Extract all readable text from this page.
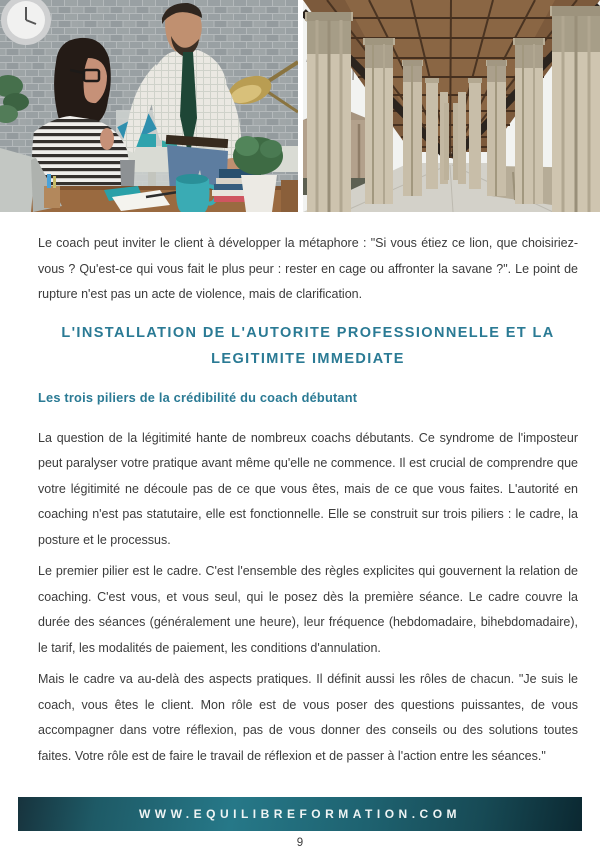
Le coach peut inviter le client à développer la métaphore : "Si vous étiez ce lion, que choisiriez-vous ? Qu'est-ce qui vous fait le plus peur : rester en cage ou affronter la savane ?". Le point de rupture n'est pas un acte de violence, mais de clarification.

L'INSTALLATION DE L'AUTORITE PROFESSIONNELLE ET LA LEGITIMITE IMMEDIATE
Les trois piliers de la crédibilité du coach débutant

La question de la légitimité hante de nombreux coachs débutants. Ce syndrome de l'imposteur peut paralyser votre pratique avant même qu'elle ne commence. Il est crucial de comprendre que votre légitimité ne découle pas de ce que vous êtes, mais de ce que vous faites. L'autorité en coaching n'est pas statutaire, elle est fonctionnelle. Elle se construit sur trois piliers : le cadre, la posture et le processus.

Le premier pilier est le cadre. C'est l'ensemble des règles explicites qui gouvernent la relation de coaching. C'est vous, et vous seul, qui le posez dès la première séance. Le cadre couvre la durée des séances (généralement une heure), leur fréquence (hebdomadaire, bihebdomadaire), le tarif, les modalités de paiement, les conditions d'annulation.

Mais le cadre va au-delà des aspects pratiques. Il définit aussi les rôles de chacun. "Je suis le coach, vous êtes le client. Mon rôle est de vous poser des questions puissantes, de vous accompagner dans votre réflexion, pas de vous donner des conseils ou des solutions toutes faites. Votre rôle est de faire le travail de réflexion et de passer à l'action entre les séances."

WWW.EQUILIBREFORMATION.COM
9
